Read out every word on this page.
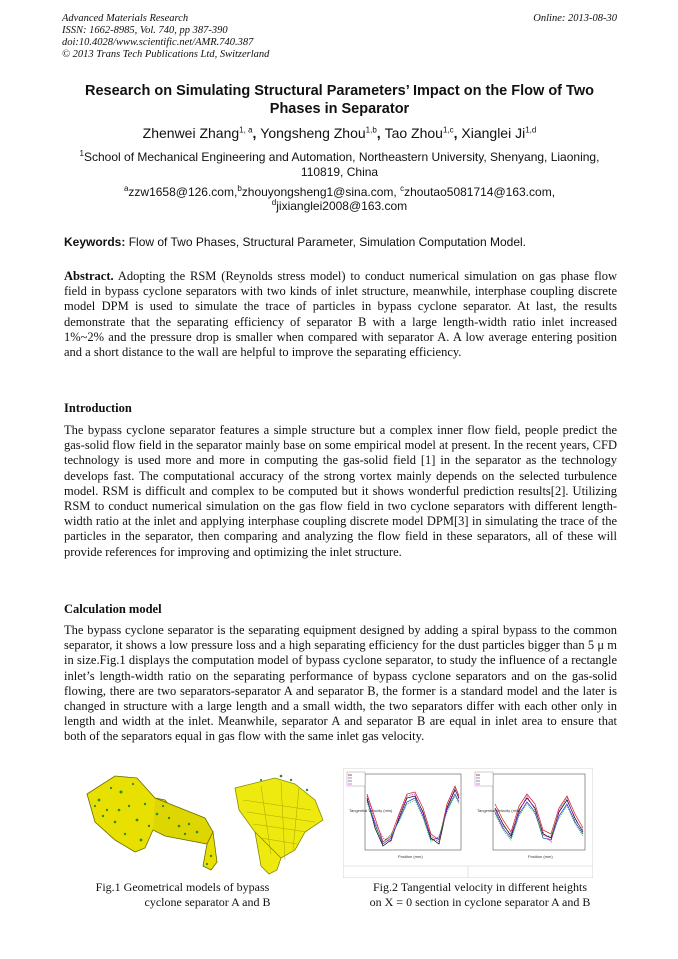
Advanced Materials Research
ISSN: 1662-8985, Vol. 740, pp 387-390
doi:10.4028/www.scientific.net/AMR.740.387
© 2013 Trans Tech Publications Ltd, Switzerland
Online: 2013-08-30
Research on Simulating Structural Parameters’ Impact on the Flow of Two Phases in Separator
Zhenwei Zhang$^{1, a}$, Yongsheng Zhou$^{1,b}$, Tao Zhou$^{1,c}$, Xianglei Ji$^{1,d}$
$^1$School of Mechanical Engineering and Automation, Northeastern University, Shenyang, Liaoning, 110819, China
$^a$zzw1658@126.com,$^b$zhouyongsheng1@sina.com, $^c$zhoutao5081714@163.com,
$^d$jixianglei2008@163.com
Keywords: Flow of Two Phases, Structural Parameter, Simulation Computation Model.
Abstract. Adopting the RSM (Reynolds stress model) to conduct numerical simulation on gas phase flow field in bypass cyclone separators with two kinds of inlet structure, meanwhile, interphase coupling discrete model DPM is used to simulate the trace of particles in bypass cyclone separator. At last, the results demonstrate that the separating efficiency of separator B with a large length-width ratio inlet increased 1%~2% and the pressure drop is smaller when compared with separator A. A low average entering position and a short distance to the wall are helpful to improve the separating efficiency.
Introduction
The bypass cyclone separator features a simple structure but a complex inner flow field, people predict the gas-solid flow field in the separator mainly base on some empirical model at present. In the recent years, CFD technology is used more and more in computing the gas-solid field [1] in the separator as the technology develops fast. The computational accuracy of the strong vortex mainly depends on the selected turbulence model. RSM is difficult and complex to be computed but it shows wonderful prediction results[2]. Utilizing RSM to conduct numerical simulation on the gas flow field in two cyclone separators with different length-width ratio at the inlet and applying interphase coupling discrete model DPM[3] in simulating the trace of the particles in the separator, then comparing and analyzing the flow field in these separators, all of these will provide references for improving and optimizing the inlet structure.
Calculation model
The bypass cyclone separator is the separating equipment designed by adding a spiral bypass to the common separator, it shows a low pressure loss and a high separating efficiency for the dust particles bigger than 5 μ m in size.Fig.1 displays the computation model of bypass cyclone separator, to study the influence of a rectangle inlet’s length-width ratio on the separating performance of bypass cyclone separators and on the gas-solid flowing, there are two separators-separator A and separator B, the former is a standard model and the later is changed in structure with a large length and a small width, the two separators differ with each other only in length and width at the inlet. Meanwhile, separator A and separator B are equal in inlet area to ensure that both of the separators equal in gas flow with the same inlet gas velocity.
Fig.1 Geometrical models of bypass
cyclone separator A and B
Tangential Velocity (m/s)
Position (mm)
Tangential Velocity (m/s)
Position (mm)
Fig.2 Tangential velocity in different heights
on X = 0 section in cyclone separator A and B
